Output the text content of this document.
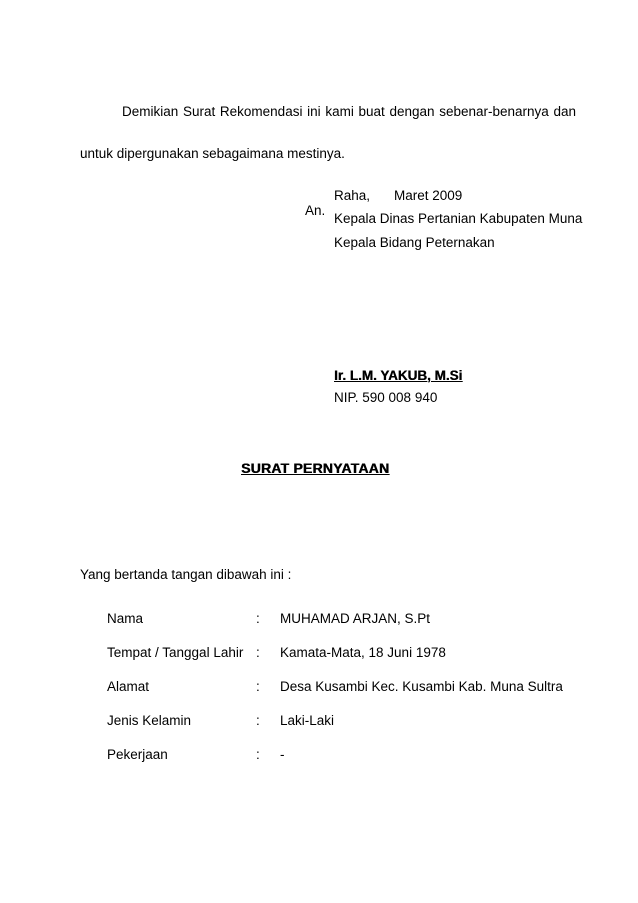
Demikian Surat Rekomendasi ini kami buat dengan sebenar-benarnya dan
untuk dipergunakan sebagaimana mestinya.
Raha, Maret 2009
An.
Kepala Dinas Pertanian Kabupaten Muna
Kepala Bidang Peternakan
Ir. L.M. YAKUB, M.Si
NIP. 590 008 940
SURAT PERNYATAAN
Yang bertanda tangan dibawah ini :
Nama	: MUHAMAD ARJAN, S.Pt
Tempat / Tanggal Lahir : Kamata-Mata, 18 Juni 1978
Alamat	: Desa Kusambi Kec. Kusambi Kab. Muna Sultra
Jenis Kelamin	: Laki-Laki
Pekerjaan	: -
